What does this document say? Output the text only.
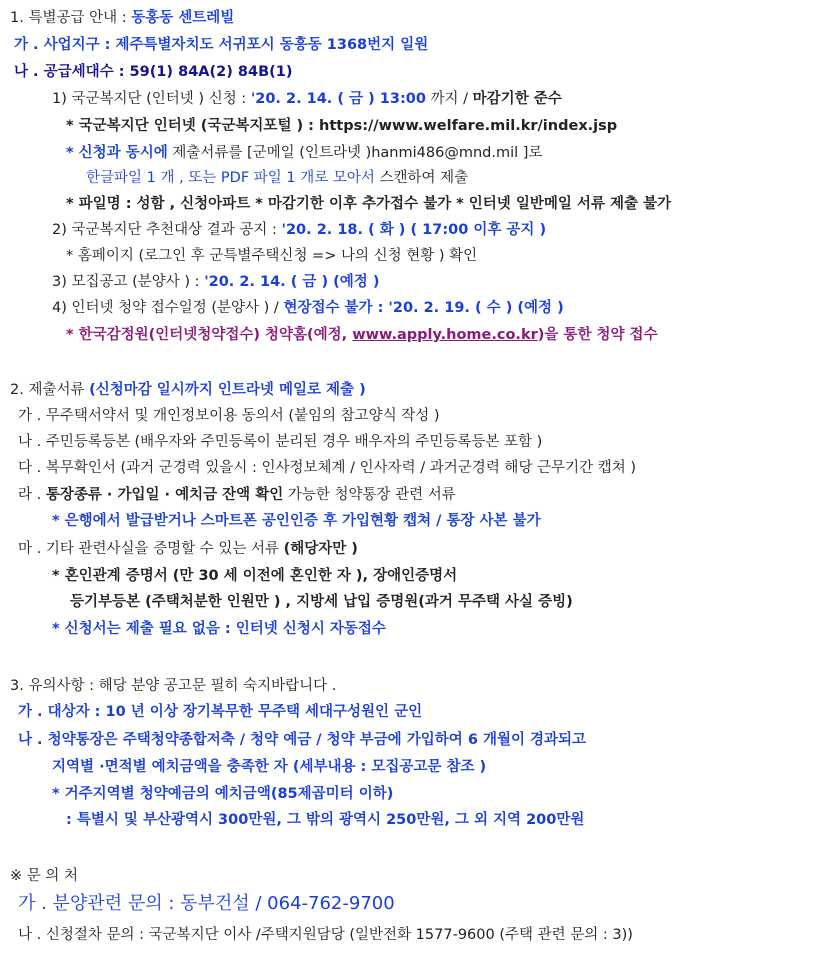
1. 특별공급 안내 : 동홍동 센트레빌
가 . 사업지구 : 제주특별자치도 서귀포시 동흥동 1368번지 일원
나 . 공급세대수 : 59(1) 84A(2) 84B(1)
1) 국군복지단 (인터넷 ) 신청 : '20. 2. 14. ( 금 ) 13:00 까지 / 마감기한 준수
* 국군복지단 인터넷 (국군복지포털 ) : https://www.welfare.mil.kr/index.jsp
* 신청과 동시에 제출서류를 [군메일 (인트라넷 )hanmi486@mnd.mil ]로
한글파일 1 개 , 또는 PDF 파일 1 개로 모아서 스캔하여 제출
* 파일명 : 성함 , 신청아파트 * 마감기한 이후 추가접수 불가 * 인터넷 일반메일 서류 제출 불가
2) 국군복지단 추천대상 결과 공지 : '20. 2. 18. ( 화 ) ( 17:00 이후 공지 )
* 홈페이지 (로그인 후 군특별주택신청 => 나의 신청 현황 ) 확인
3) 모집공고 (분양사 ) : '20. 2. 14. ( 금 ) (예정 )
4) 인터넷 청약 접수일정 (분양사 ) / 현장접수 불가 : '20. 2. 19. ( 수 ) (예정 )
* 한국감정원(인터넷청약접수) 청약홈(예정, www.apply.home.co.kr)을 통한 청약 접수
2. 제출서류 (신청마감 일시까지 인트라넷 메일로 제출 )
가 . 무주택서약서 및 개인정보이용 동의서 (붙임의 참고양식 작성 )
나 . 주민등록등본 (배우자와 주민등록이 분리된 경우 배우자의 주민등록등본 포함 )
다 . 복무확인서 (과거 군경력 있을시 : 인사정보체계 / 인사자력 / 과거군경력 해당 근무기간 캡쳐 )
라 . 통장종류 · 가입일 · 예치금 잔액 확인 가능한 청약통장 관련 서류
* 은행에서 발급받거나 스마트폰 공인인증 후 가입현황 캡쳐 / 통장 사본 불가
마 . 기타 관련사실을 증명할 수 있는 서류 (해당자만 )
* 혼인관계 증명서 (만 30 세 이전에 혼인한 자 ), 장애인증명서
등기부등본 (주택처분한 인원만 ) , 지방세 납입 증명원(과거 무주택 사실 증빙)
* 신청서는 제출 필요 없음 : 인터넷 신청시 자동접수
3. 유의사항 : 해당 분양 공고문 필히 숙지바랍니다 .
가 . 대상자 : 10 년 이상 장기복무한 무주택 세대구성원인 군인
나 . 청약통장은 주택청약종합저축 / 청약 예금 / 청약 부금에 가입하여 6 개월이 경과되고
지역별 ·면적별 예치금액을 충족한 자 (세부내용 : 모집공고문 참조 )
* 거주지역별 청약예금의 예치금액(85제곱미터 이하)
: 특별시 및 부산광역시 300만원, 그 밖의 광역시 250만원, 그 외 지역 200만원
※ 문 의 처
가 . 분양관련 문의 : 동부건설 / 064-762-9700
나 . 신청절차 문의 : 국군복지단 이사 /주택지원담당 (일반전화 1577-9600 (주택 관련 문의 : 3))
